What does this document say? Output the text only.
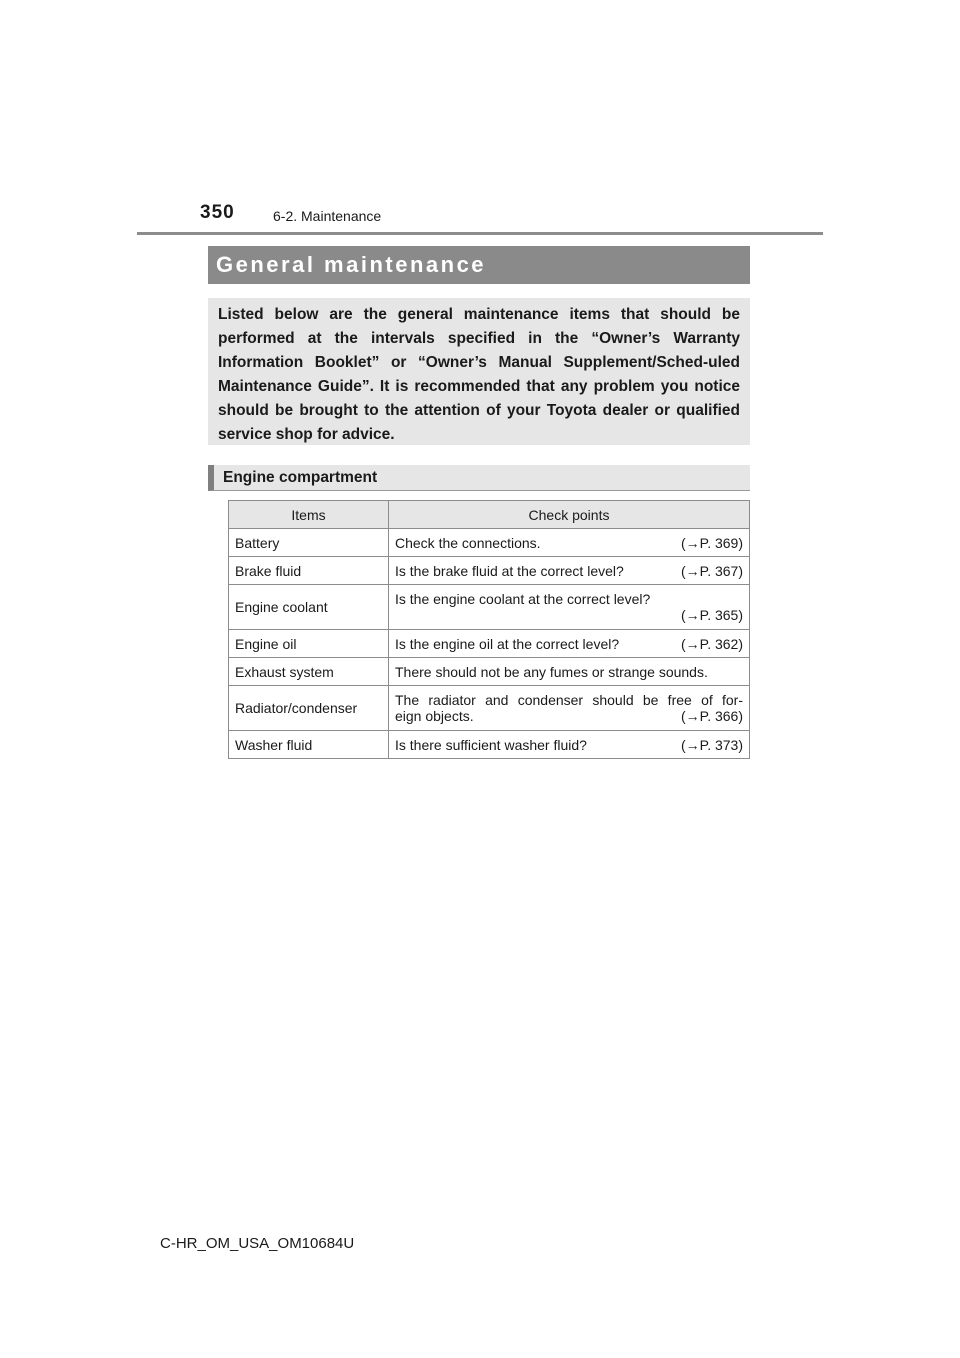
350	6-2. Maintenance
General maintenance
Listed below are the general maintenance items that should be performed at the intervals specified in the “Owner’s Warranty Information Booklet” or “Owner’s Manual Supplement/Sched-uled Maintenance Guide”. It is recommended that any problem you notice should be brought to the attention of your Toyota dealer or qualified service shop for advice.
Engine compartment
Items	Check points
Battery	Check the connections. (→P. 369)

Brake fluid	Is the brake fluid at the correct level? (→P. 367)

Engine coolant	Is the engine coolant at the correct level?
(→P. 365)

Engine oil	Is the engine oil at the correct level? (→P. 362)

Exhaust system	There should not be any fumes or strange sounds.
Radiator/condenser	The radiator and condenser should be free of for-
eign objects. (→P. 366)

Washer fluid	Is there sufficient washer fluid? (→P. 373)
C-HR_OM_USA_OM10684U
